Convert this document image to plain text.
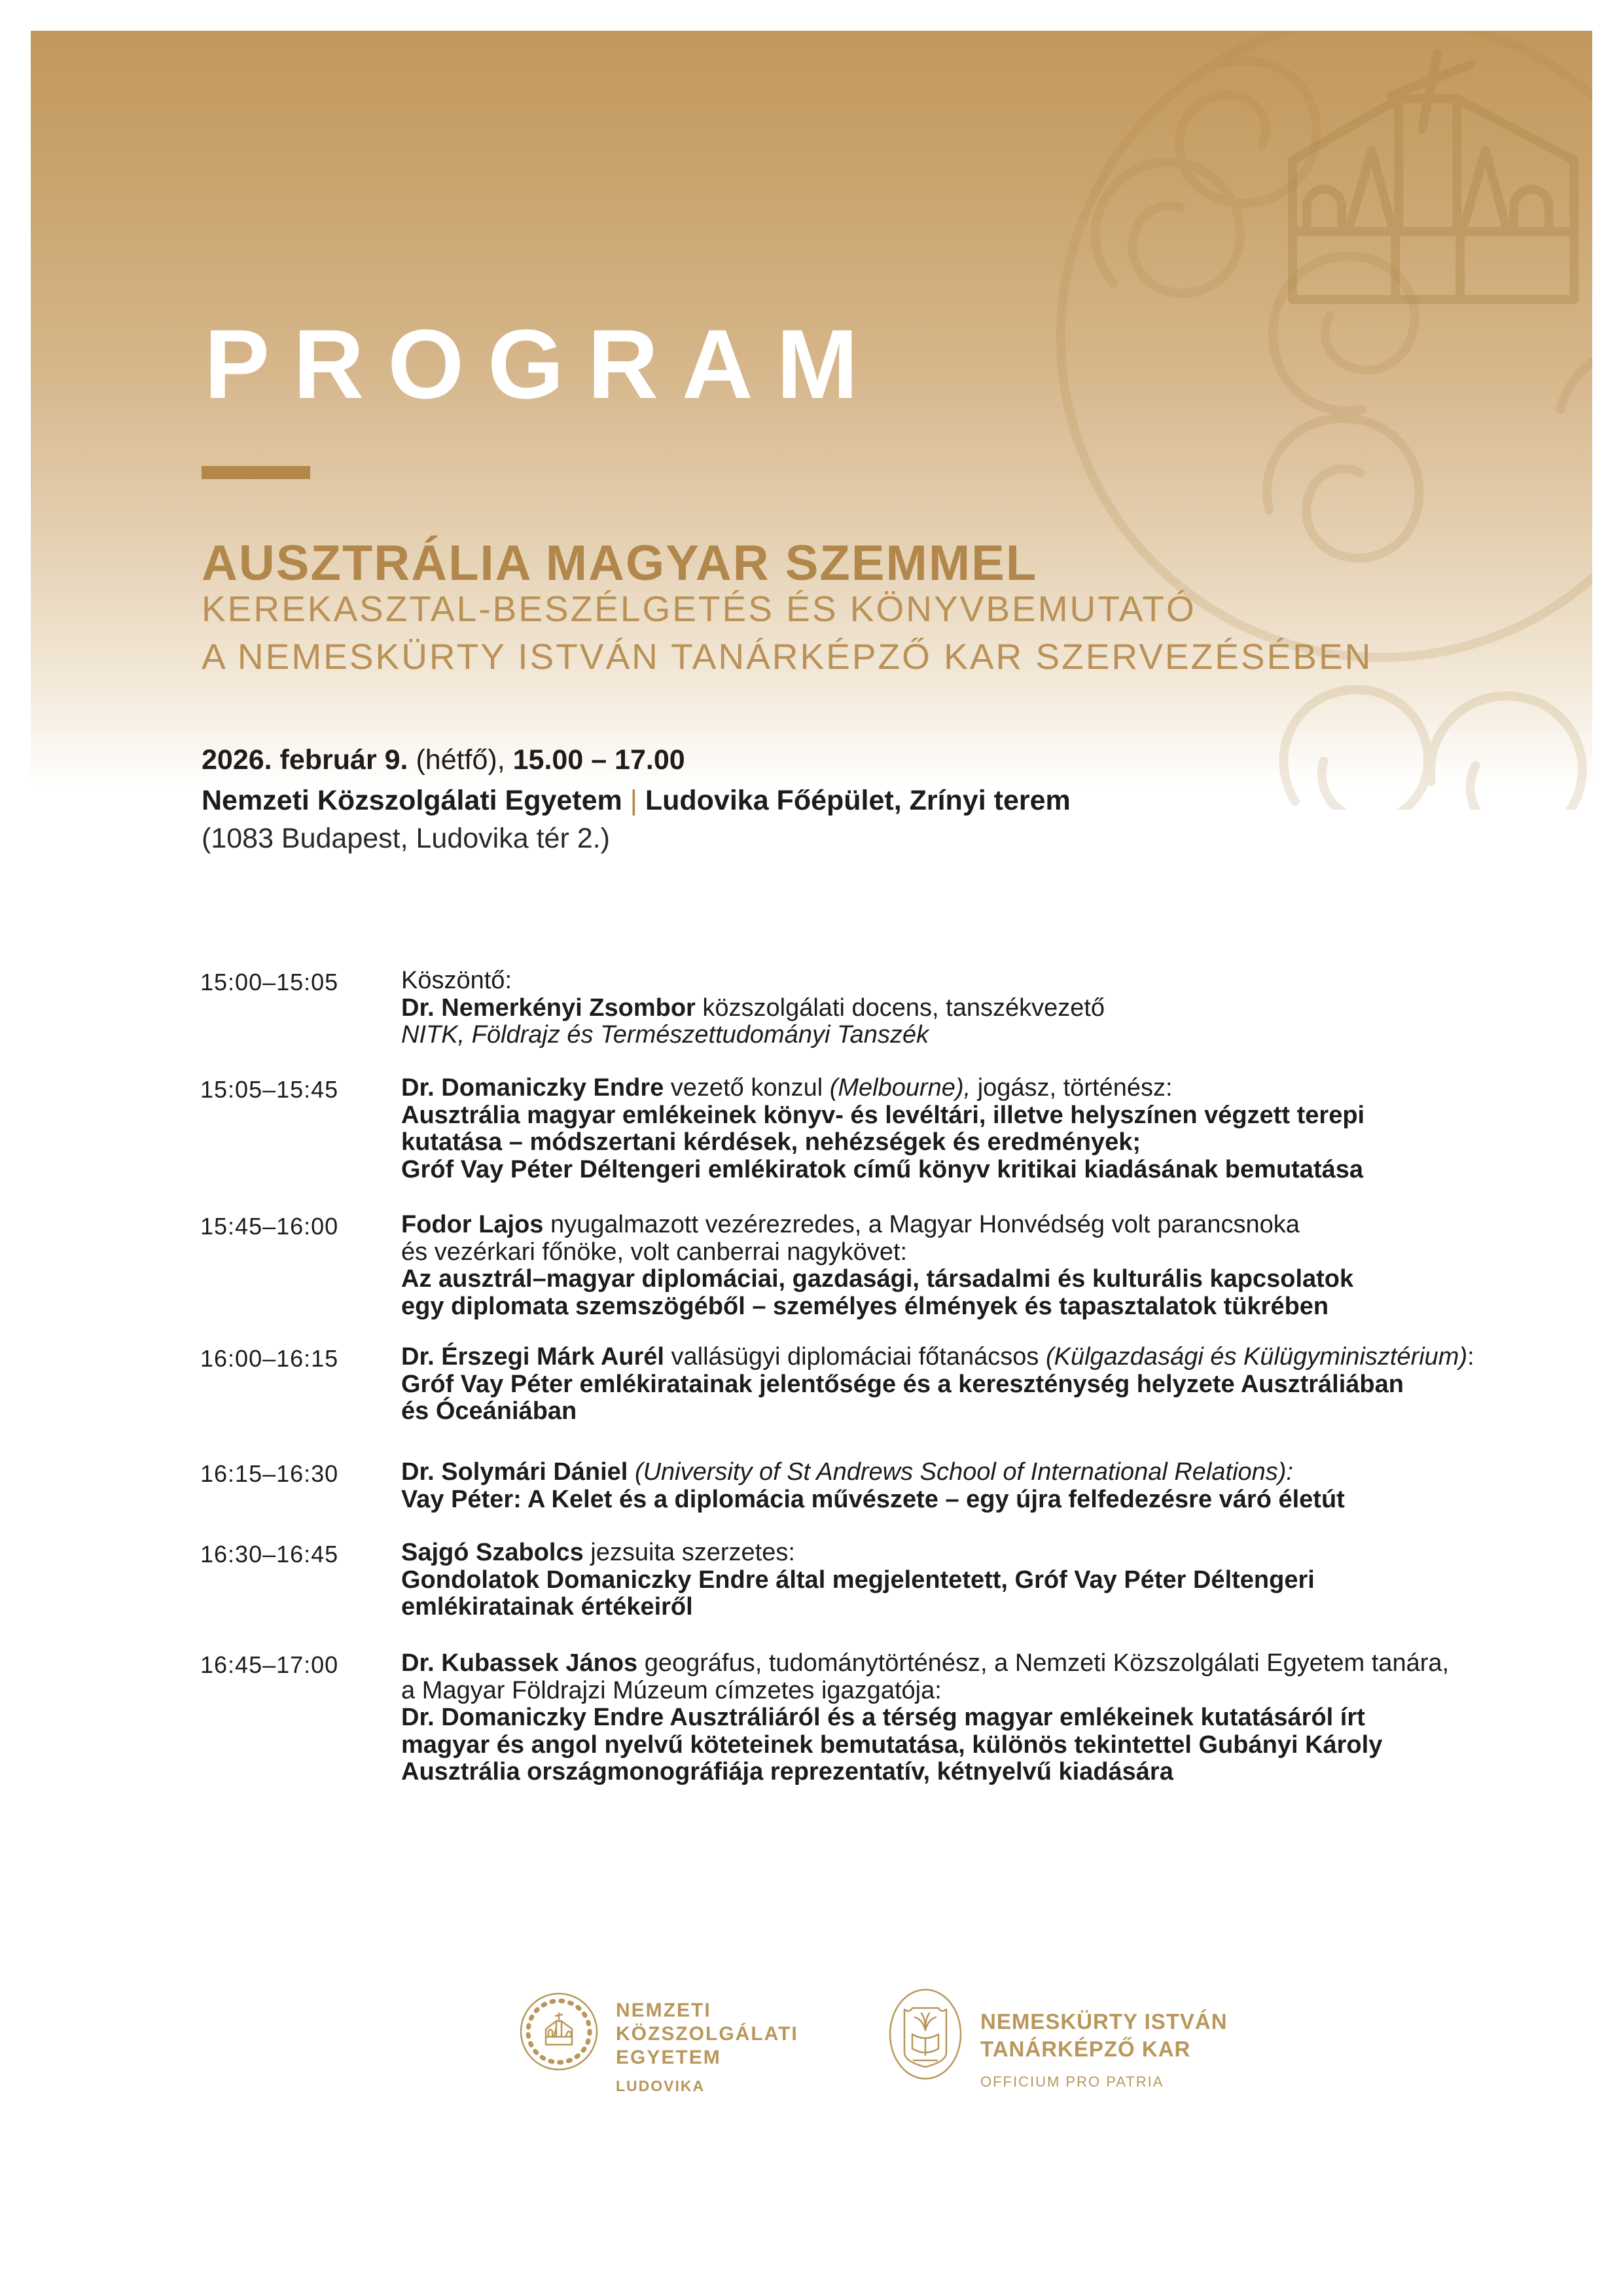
PROGRAM
AUSZTRÁLIA MAGYAR SZEMMEL
KEREKASZTAL-BESZÉLGETÉS ÉS KÖNYVBEMUTATÓ
A NEMESKÜRTY ISTVÁN TANÁRKÉPZŐ KAR SZERVEZÉSÉBEN
2026. február 9. (hétfő), 15.00 – 17.00
Nemzeti Közszolgálati Egyetem | Ludovika Főépület, Zrínyi terem
(1083 Budapest, Ludovika tér 2.)
15:00–15:05	Köszöntő:
Dr. Nemerkényi Zsombor közszolgálati docens, tanszékvezető
NITK, Földrajz és Természettudományi Tanszék
15:05–15:45	Dr. Domaniczky Endre vezető konzul (Melbourne), jogász, történész:
Ausztrália magyar emlékeinek könyv- és levéltári, illetve helyszínen végzett terepi
kutatása – módszertani kérdések, nehézségek és eredmények;
Gróf Vay Péter Déltengeri emlékiratok című könyv kritikai kiadásának bemutatása
15:45–16:00	Fodor Lajos nyugalmazott vezérezredes, a Magyar Honvédség volt parancsnoka
és vezérkari főnöke, volt canberrai nagykövet:
Az ausztrál–magyar diplomáciai, gazdasági, társadalmi és kulturális kapcsolatok
egy diplomata szemszögéből – személyes élmények és tapasztalatok tükrében
16:00–16:15	Dr. Érszegi Márk Aurél vallásügyi diplomáciai főtanácsos (Külgazdasági és Külügyminisztérium):
Gróf Vay Péter emlékiratainak jelentősége és a kereszténység helyzete Ausztráliában
és Óceániában
16:15–16:30	Dr. Solymári Dániel (University of St Andrews School of International Relations):
Vay Péter: A Kelet és a diplomácia művészete – egy újra felfedezésre váró életút
16:30–16:45	Sajgó Szabolcs jezsuita szerzetes:
Gondolatok Domaniczky Endre által megjelentetett, Gróf Vay Péter Déltengeri
emlékiratainak értékeiről
16:45–17:00	Dr. Kubassek János geográfus, tudománytörténész, a Nemzeti Közszolgálati Egyetem tanára,
a Magyar Földrajzi Múzeum címzetes igazgatója:
Dr. Domaniczky Endre Ausztráliáról és a térség magyar emlékeinek kutatásáról írt
magyar és angol nyelvű köteteinek bemutatása, különös tekintettel Gubányi Károly
Ausztrália országmonográfiája reprezentatív, kétnyelvű kiadására
NEMZETI
KÖZSZOLGÁLATI
EGYETEM
LUDOVIKA
NEMESKÜRTY ISTVÁN
TANÁRKÉPZŐ KAR
OFFICIUM PRO PATRIA
